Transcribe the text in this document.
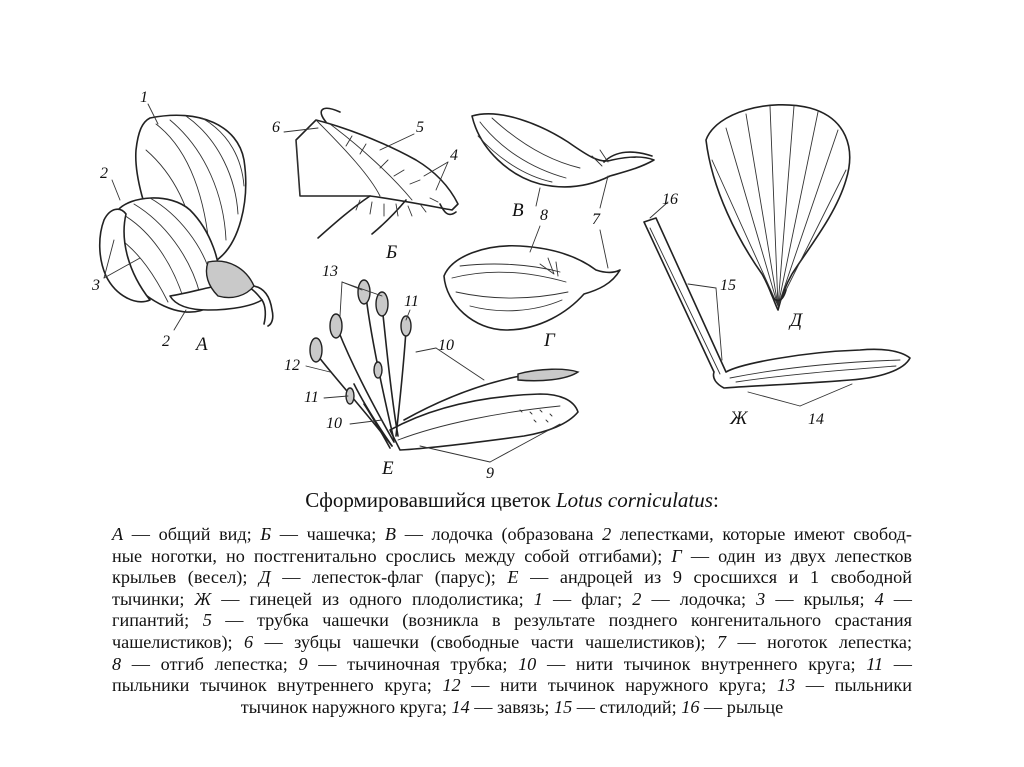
1
2
3
2 А
6	5
4
Б
В 8	7
Г
Д
16
15
14
Ж
13
11
10
12
11
10
9
Е
Сформировавшийся цветок Lotus corniculatus:
А — общий вид; Б — чашечка; В — лодочка (образована 2 лепестками, которые имеют свобод-
ные ноготки, но постгенитально срослись между собой отгибами); Г — один из двух лепестков
крыльев (весел); Д — лепесток-флаг (парус); Е — андроцей из 9 сросшихся и 1 свободной
тычинки; Ж — гинецей из одного плодолистика; 1 — флаг; 2 — лодочка; 3 — крылья; 4 —
гипантий; 5 — трубка чашечки (возникла в результате позднего конгенитального срастания
чашелистиков); 6 — зубцы чашечки (свободные части чашелистиков); 7 — ноготок лепестка;
8 — отгиб лепестка; 9 — тычиночная трубка; 10 — нити тычинок внутреннего круга; 11 —
пыльники тычинок внутреннего круга; 12 — нити тычинок наружного круга; 13 — пыльники
тычинок наружного круга; 14 — завязь; 15 — стилодий; 16 — рыльце
